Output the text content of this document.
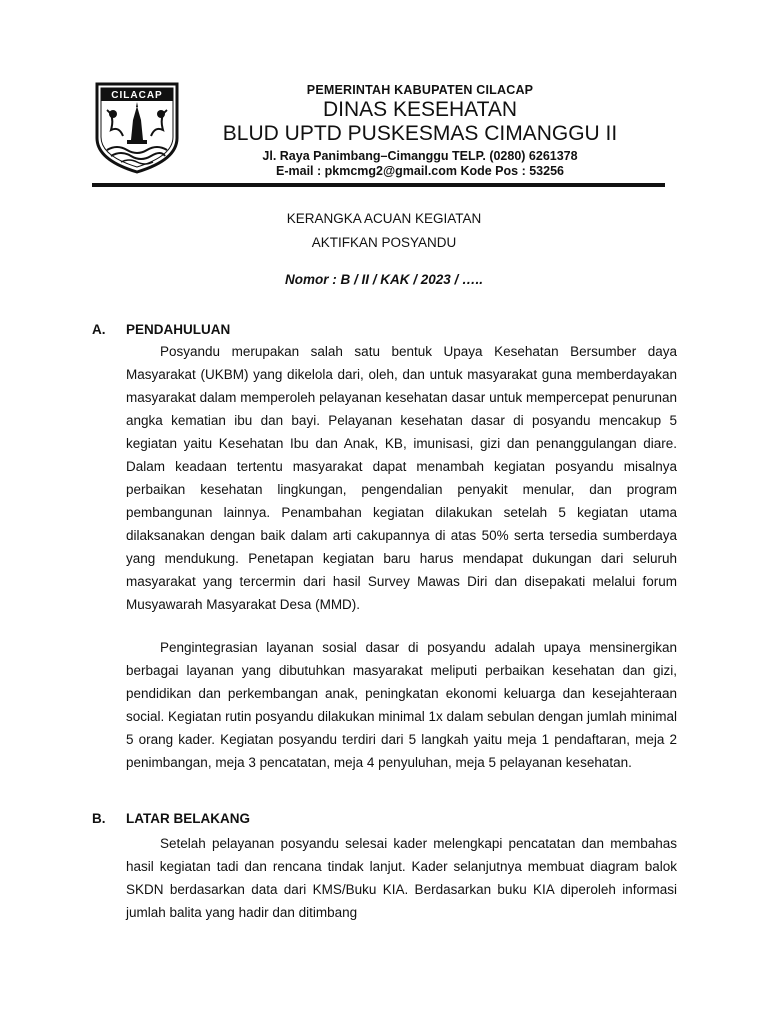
CILACAP	PEMERINTAH KABUPATEN CILACAP
DINAS KESEHATAN
BLUD UPTD PUSKESMAS CIMANGGU II
Jl. Raya Panimbang–Cimanggu TELP. (0280) 6261378
E-mail : pkmcmg2@gmail.com Kode Pos : 53256
KERANGKA ACUAN KEGIATAN
AKTIFKAN POSYANDU
Nomor : B / II / KAK / 2023 / …..
A. PENDAHULUAN

Posyandu merupakan salah satu bentuk Upaya Kesehatan Bersumber daya Masyarakat (UKBM) yang dikelola dari, oleh, dan untuk masyarakat guna memberdayakan masyarakat dalam memperoleh pelayanan kesehatan dasar untuk mempercepat penurunan angka kematian ibu dan bayi. Pelayanan kesehatan dasar di posyandu mencakup 5 kegiatan yaitu Kesehatan Ibu dan Anak, KB, imunisasi, gizi dan penanggulangan diare. Dalam keadaan tertentu masyarakat dapat menambah kegiatan posyandu misalnya perbaikan kesehatan lingkungan, pengendalian penyakit menular, dan program pembangunan lainnya. Penambahan kegiatan dilakukan setelah 5 kegiatan utama dilaksanakan dengan baik dalam arti cakupannya di atas 50% serta tersedia sumberdaya yang mendukung. Penetapan kegiatan baru harus mendapat dukungan dari seluruh masyarakat yang tercermin dari hasil Survey Mawas Diri dan disepakati melalui forum Musyawarah Masyarakat Desa (MMD).

Pengintegrasian layanan sosial dasar di posyandu adalah upaya mensinergikan berbagai layanan yang dibutuhkan masyarakat meliputi perbaikan kesehatan dan gizi, pendidikan dan perkembangan anak, peningkatan ekonomi keluarga dan kesejahteraan social. Kegiatan rutin posyandu dilakukan minimal 1x dalam sebulan dengan jumlah minimal 5 orang kader. Kegiatan posyandu terdiri dari 5 langkah yaitu meja 1 pendaftaran, meja 2 penimbangan, meja 3 pencatatan, meja 4 penyuluhan, meja 5 pelayanan kesehatan.

B. LATAR BELAKANG

Setelah pelayanan posyandu selesai kader melengkapi pencatatan dan membahas hasil kegiatan tadi dan rencana tindak lanjut. Kader selanjutnya membuat diagram balok SKDN berdasarkan data dari KMS/Buku KIA. Berdasarkan buku KIA diperoleh informasi jumlah balita yang hadir dan ditimbang
